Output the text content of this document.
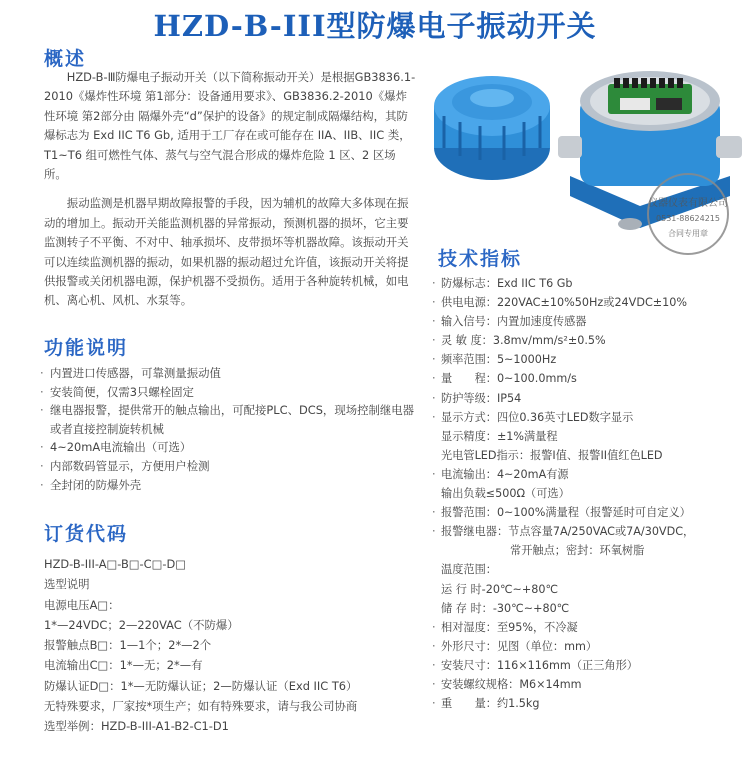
HZD-B-III型防爆电子振动开关
概述

HZD-B-Ⅲ防爆电子振动开关（以下简称振动开关）是根据GB3836.1-2010《爆炸性环境 第1部分：设备通用要求》、GB3836.2-2010《爆炸性环境 第2部分由 隔爆外壳“d”保护的设备》的规定制成隔爆结构，其防爆标志为 Exd IIC T6 Gb, 适用于工厂存在或可能存在 IIA、IIB、IIC 类，T1~T6 组可燃性气体、蒸气与空气混合形成的爆炸危险 1 区、2 区场所。

振动监测是机器早期故障报警的手段，因为辅机的故障大多体现在振动的增加上。振动开关能监测机器的异常振动，预测机器的损坏，它主要监测转子不平衡、不对中、轴承损坏、皮带损坏等机器故障。该振动开关可以连续监测机器的振动，如果机器的振动超过允许值，该振动开关将提供报警或关闭机器电源，保护机器不受损伤。适用于各种旋转机械，如电机、离心机、风机、水泵等。

功能说明
· 内置进口传感器，可靠测量振动值
· 安装简便，仅需3只螺栓固定
· 继电器报警，提供常开的触点输出，可配接PLC、DCS，现场控制继电器或者直接控制旋转机械
· 4~20mA电流输出（可选）
· 内部数码管显示，方便用户检测
· 全封闭的防爆外壳
订货代码
HZD-B-III-A□-B□-C□-D□
选型说明
电源电压A□：
1*—24VDC；2—220VAC（不防爆）
报警触点B□：1—1个；2*—2个
电流输出C□：1*—无；2*—有
防爆认证D□：1*—无防爆认证；2—防爆认证（Exd IIC T6）
无特殊要求，厂家按*项生产；如有特殊要求，请与我公司协商
选型举例：HZD-B-III-A1-B2-C1-D1
仪器仪表有限公司
0531-88624215
合同专用章
技术指标
· 防爆标志：Exd IIC T6 Gb
· 供电电源：220VAC±10%50Hz或24VDC±10%
· 输入信号：内置加速度传感器
· 灵 敏 度：3.8mv/mm/s²±0.5%
· 频率范围：5~1000Hz
· 量　　程：0~100.0mm/s
· 防护等级：IP54
· 显示方式：四位0.36英寸LED数字显示
显示精度：±1%满量程
光电管LED指示：报警I值、报警II值红色LED
· 电流输出：4~20mA有源
输出负载≤500Ω（可选）
· 报警范围：0~100%满量程（报警延时可自定义）
· 报警继电器：节点容量7A/250VAC或7A/30VDC，
常开触点；密封：环氧树脂
温度范围：
运 行 时-20℃~+80℃
储 存 时：-30℃~+80℃
· 相对湿度：至95%，不冷凝
· 外形尺寸：见图（单位：mm）
· 安装尺寸：116×116mm（正三角形）
· 安装螺纹规格：M6×14mm
· 重　　量：约1.5kg
